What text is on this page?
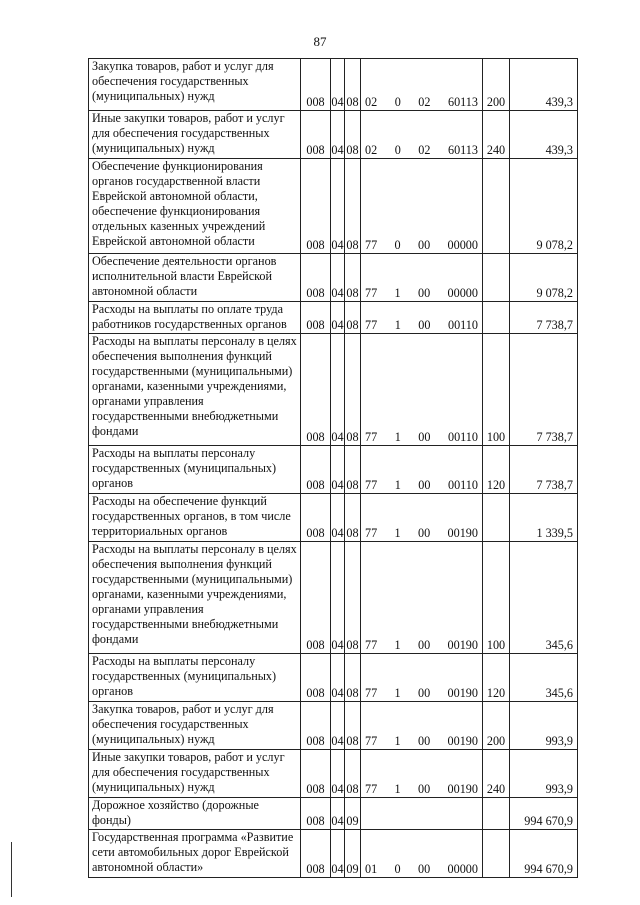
87
Закупка товаров, работ и услуг для обеспечения государственных (муниципальных) нужд	008	04	08	02 0 02 60113	200	439,3
Иные закупки товаров, работ и услуг для обеспечения государственных (муниципальных) нужд	008	04	08	02 0 02 60113	240	439,3
Обеспечение функционирования органов государственной власти Еврейской автономной области, обеспечение функционирования отдельных казенных учреждений Еврейской автономной области	008	04	08	77 0 00 00000		9 078,2
Обеспечение деятельности органов исполнительной власти Еврейской автономной области	008	04	08	77 1 00 00000		9 078,2
Расходы на выплаты по оплате труда работников государственных органов	008	04	08	77 1 00 00110		7 738,7
Расходы на выплаты персоналу в целях обеспечения выполнения функций государственными (муниципальными) органами, казенными учреждениями, органами управления государственными внебюджетными фондами	008	04	08	77 1 00 00110	100	7 738,7
Расходы на выплаты персоналу государственных (муниципальных) органов	008	04	08	77 1 00 00110	120	7 738,7
Расходы на обеспечение функций государственных органов, в том числе территориальных органов	008	04	08	77 1 00 00190		1 339,5
Расходы на выплаты персоналу в целях обеспечения выполнения функций государственными (муниципальными) органами, казенными учреждениями, органами управления государственными внебюджетными фондами	008	04	08	77 1 00 00190	100	345,6
Расходы на выплаты персоналу государственных (муниципальных) органов	008	04	08	77 1 00 00190	120	345,6
Закупка товаров, работ и услуг для обеспечения государственных (муниципальных) нужд	008	04	08	77 1 00 00190	200	993,9
Иные закупки товаров, работ и услуг для обеспечения государственных (муниципальных) нужд	008	04	08	77 1 00 00190	240	993,9
Дорожное хозяйство (дорожные фонды)	008	04	09			994 670,9
Государственная программа «Развитие сети автомобильных дорог Еврейской автономной области»	008	04	09	01 0 00 00000		994 670,9
